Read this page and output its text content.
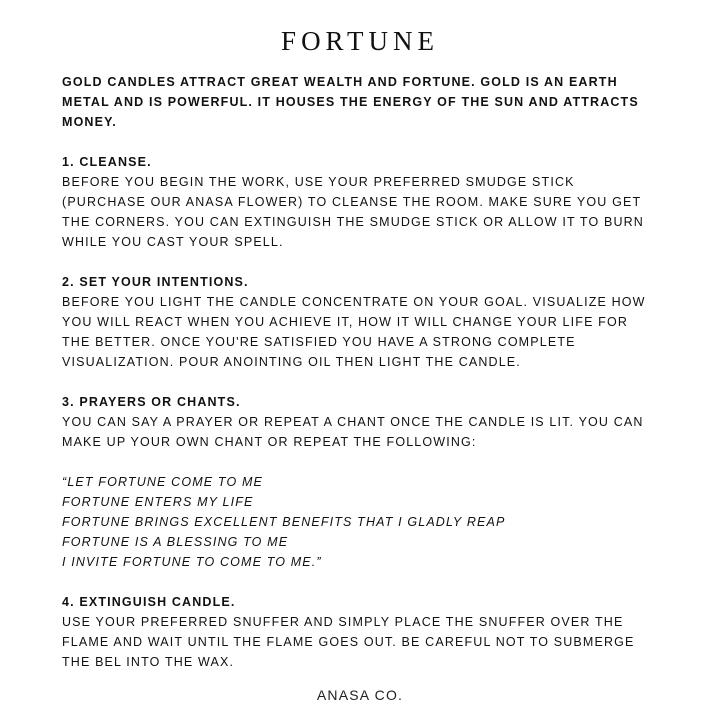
FORTUNE
GOLD CANDLES ATTRACT GREAT WEALTH AND FORTUNE. GOLD IS AN EARTH
METAL AND IS POWERFUL. IT HOUSES THE ENERGY OF THE SUN AND ATTRACTS
MONEY.
1. CLEANSE.
BEFORE YOU BEGIN THE WORK, USE YOUR PREFERRED SMUDGE STICK
(PURCHASE OUR ANASA FLOWER) TO CLEANSE THE ROOM. MAKE SURE YOU GET
THE CORNERS. YOU CAN EXTINGUISH THE SMUDGE STICK OR ALLOW IT TO BURN
WHILE YOU CAST YOUR SPELL.
2. SET YOUR INTENTIONS.
BEFORE YOU LIGHT THE CANDLE CONCENTRATE ON YOUR GOAL. VISUALIZE HOW
YOU WILL REACT WHEN YOU ACHIEVE IT, HOW IT WILL CHANGE YOUR LIFE FOR
THE BETTER. ONCE YOU'RE SATISFIED YOU HAVE A STRONG COMPLETE
VISUALIZATION. POUR ANOINTING OIL THEN LIGHT THE CANDLE.
3. PRAYERS OR CHANTS.
YOU CAN SAY A PRAYER OR REPEAT A CHANT ONCE THE CANDLE IS LIT. YOU CAN
MAKE UP YOUR OWN CHANT OR REPEAT THE FOLLOWING:
“LET FORTUNE COME TO ME
FORTUNE ENTERS MY LIFE
FORTUNE BRINGS EXCELLENT BENEFITS THAT I GLADLY REAP
FORTUNE IS A BLESSING TO ME
I INVITE FORTUNE TO COME TO ME.”
4. EXTINGUISH CANDLE.
USE YOUR PREFERRED SNUFFER AND SIMPLY PLACE THE SNUFFER OVER THE
FLAME AND WAIT UNTIL THE FLAME GOES OUT. BE CAREFUL NOT TO SUBMERGE
THE BEL INTO THE WAX.
ANASA CO.
